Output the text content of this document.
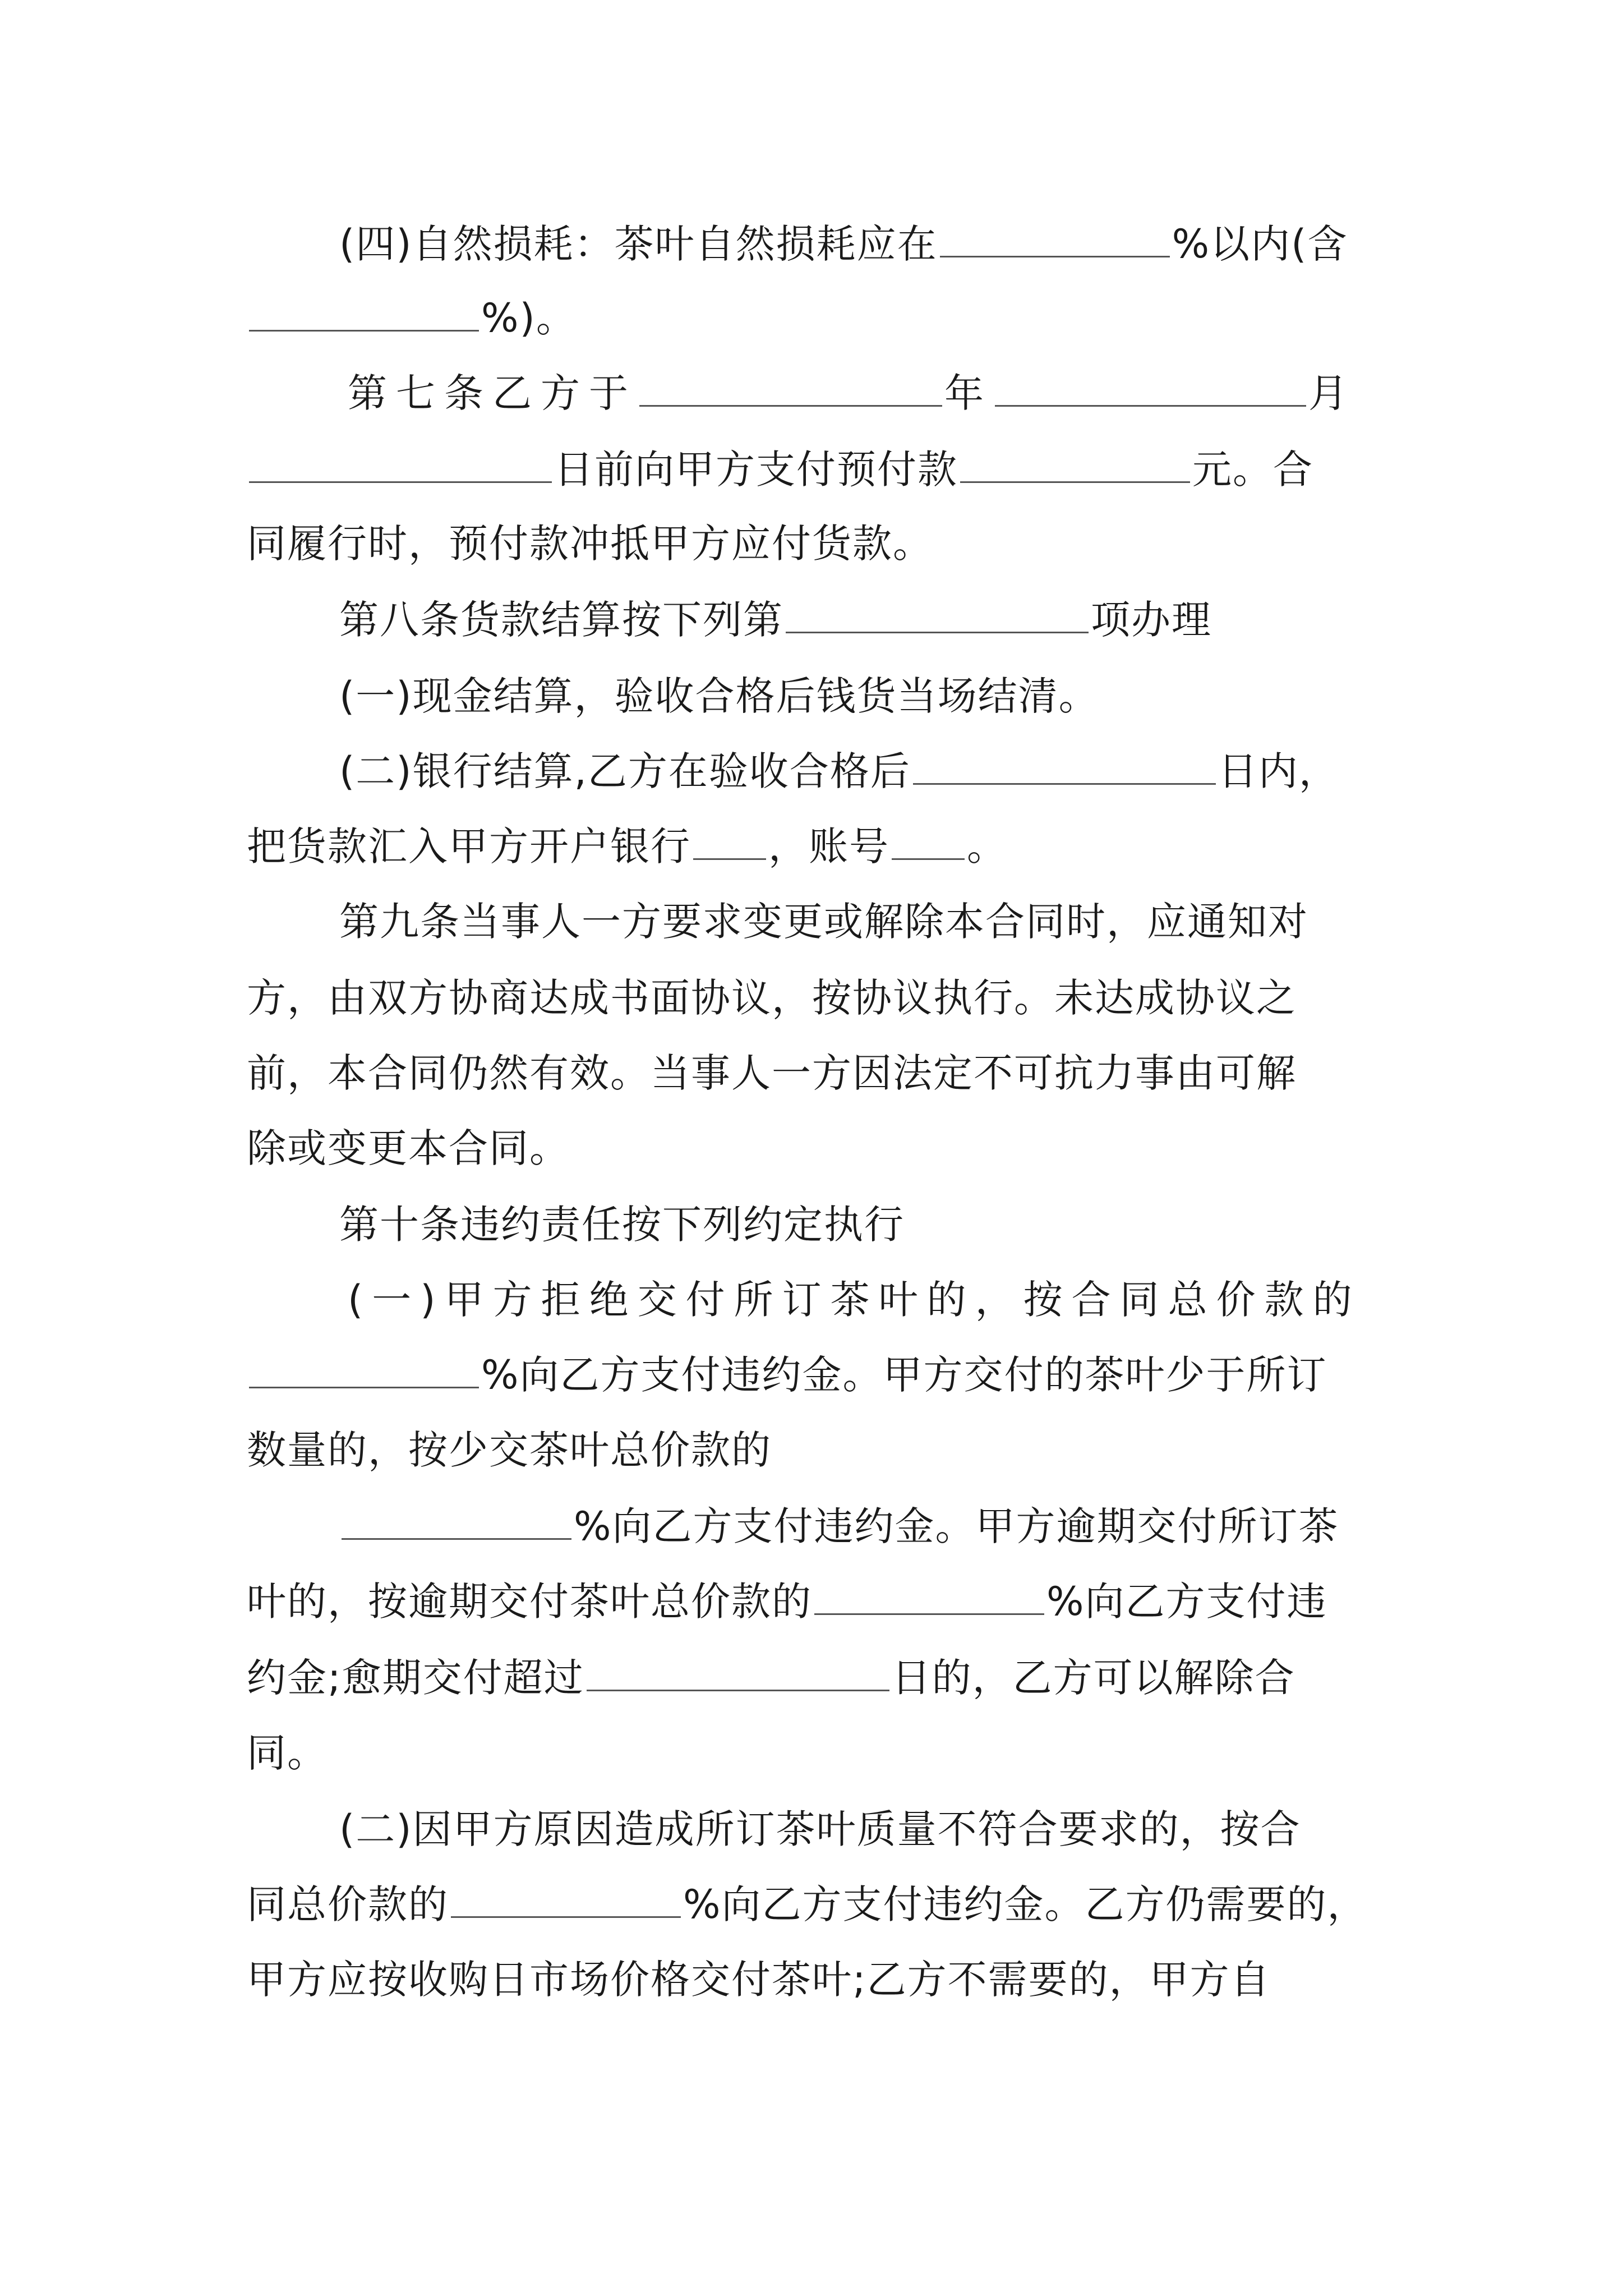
(四)自然损耗：茶叶自然损耗应在	%以内(含
%)。
第七条乙方于	年	月
日前向甲方支付预付款	元。合
同履行时，预付款冲抵甲方应付货款。
第八条货款结算按下列第	项办理
(一)现金结算，验收合格后钱货当场结清。
(二)银行结算,乙方在验收合格后	日内，
把货款汇入甲方开户银行 ，账号 。
第九条当事人一方要求变更或解除本合同时，应通知对
方，由双方协商达成书面协议，按协议执行。未达成协议之
前，本合同仍然有效。当事人一方因法定不可抗力事由可解
除或变更本合同。
第十条违约责任按下列约定执行
(一)甲方拒绝交付所订茶叶的，按合同总价款的
%向乙方支付违约金。甲方交付的茶叶少于所订
数量的，按少交茶叶总价款的
%向乙方支付违约金。甲方逾期交付所订茶
叶的，按逾期交付茶叶总价款的	%向乙方支付违
约金;愈期交付超过	日的，乙方可以解除合
同。
(二)因甲方原因造成所订茶叶质量不符合要求的，按合
同总价款的	%向乙方支付违约金。乙方仍需要的，
甲方应按收购日市场价格交付茶叶;乙方不需要的，甲方自
